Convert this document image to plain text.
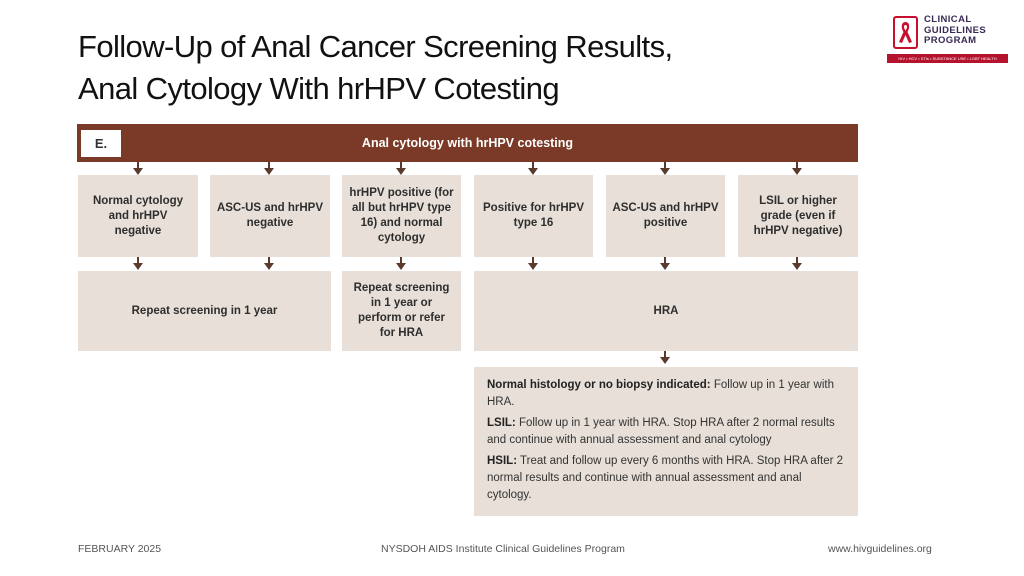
Follow-Up of Anal Cancer Screening Results,
Anal Cytology With hrHPV Cotesting
CLINICAL
GUIDELINES
PROGRAM
HIV • HCV • STIs • SUBSTANCE USE • LGBT HEALTH
Anal cytology with hrHPV cotesting
E.
Normal cytology and hrHPV negative
ASC-US and hrHPV negative
hrHPV positive (for all but hrHPV type 16) and normal cytology
Positive for hrHPV type 16
ASC-US and hrHPV positive
LSIL or higher grade (even if hrHPV negative)
Repeat screening in 1 year
Repeat screening in 1 year or perform or refer for HRA
HRA

Normal histology or no biopsy indicated: Follow up in 1 year with HRA.

LSIL: Follow up in 1 year with HRA. Stop HRA after 2 normal results and continue with annual assessment and anal cytology

HSIL: Treat and follow up every 6 months with HRA. Stop HRA after 2 normal results and continue with annual assessment and anal cytology.

FEBRUARY 2025	NYSDOH AIDS Institute Clinical Guidelines Program	www.hivguidelines.org
